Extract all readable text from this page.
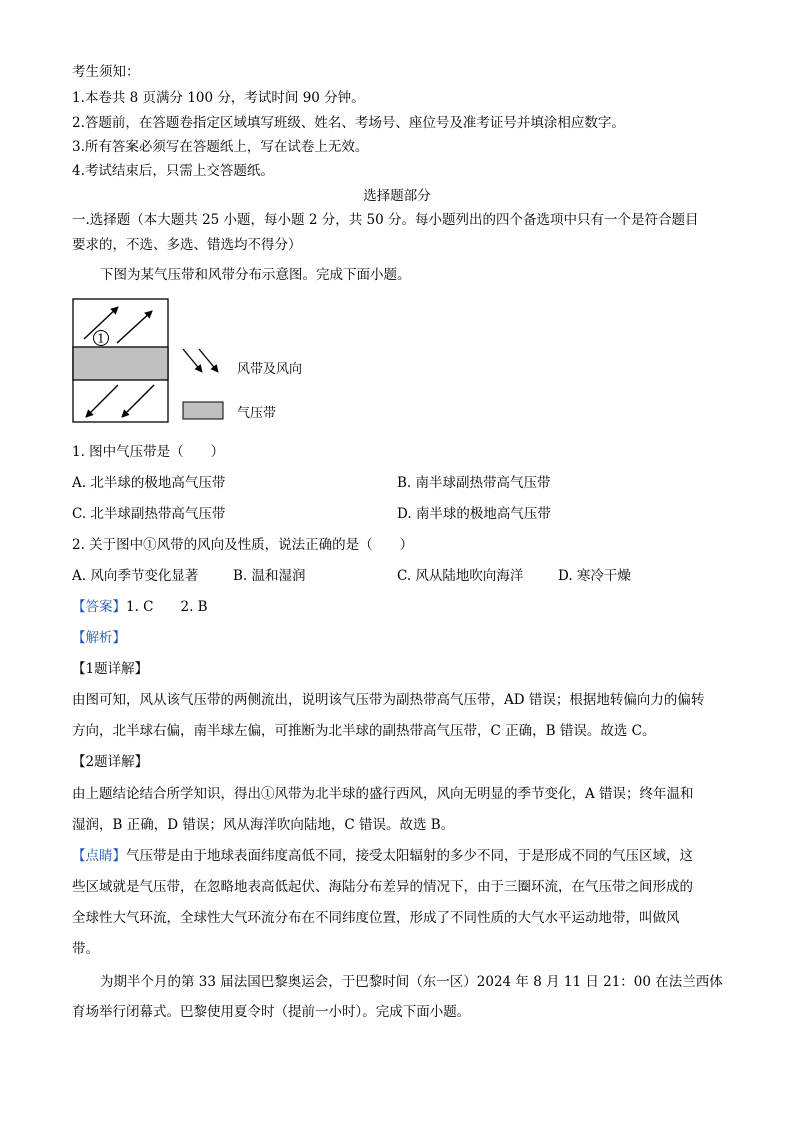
考生须知：
1.本卷共 8 页满分 100 分，考试时间 90 分钟。
2.答题前，在答题卷指定区域填写班级、姓名、考场号、座位号及准考证号并填涂相应数字。
3.所有答案必须写在答题纸上，写在试卷上无效。
4.考试结束后，只需上交答题纸。
选择题部分
一.选择题（本大题共 25 小题，每小题 2 分，共 50 分。每小题列出的四个备选项中只有一个是符合题目
要求的，不选、多选、错选均不得分）
下图为某气压带和风带分布示意图。完成下面小题。
1
风带及风向
气压带
1. 图中气压带是（　　）
A. 北半球的极地高气压带	B. 南半球副热带高气压带
C. 北半球副热带高气压带	D. 南半球的极地高气压带
2. 关于图中①风带的风向及性质，说法正确的是（　　）
A. 风向季节变化显著	B. 温和湿润	C. 风从陆地吹向海洋	D. 寒冷干燥
【答案】1. C　　2. B
【解析】
【1题详解】
由图可知，风从该气压带的两侧流出，说明该气压带为副热带高气压带，AD 错误；根据地转偏向力的偏转
方向，北半球右偏，南半球左偏，可推断为北半球的副热带高气压带，C 正确，B 错误。故选 C。
【2题详解】
由上题结论结合所学知识，得出①风带为北半球的盛行西风，风向无明显的季节变化，A 错误；终年温和
湿润，B 正确，D 错误；风从海洋吹向陆地，C 错误。故选 B。
【点睛】气压带是由于地球表面纬度高低不同，接受太阳辐射的多少不同，于是形成不同的气压区域，这
些区域就是气压带，在忽略地表高低起伏、海陆分布差异的情况下，由于三圈环流，在气压带之间形成的
全球性大气环流，全球性大气环流分布在不同纬度位置，形成了不同性质的大气水平运动地带，叫做风
带。
为期半个月的第 33 届法国巴黎奥运会，于巴黎时间（东一区）2024 年 8 月 11 日 21：00 在法兰西体
育场举行闭幕式。巴黎使用夏令时（提前一小时）。完成下面小题。
